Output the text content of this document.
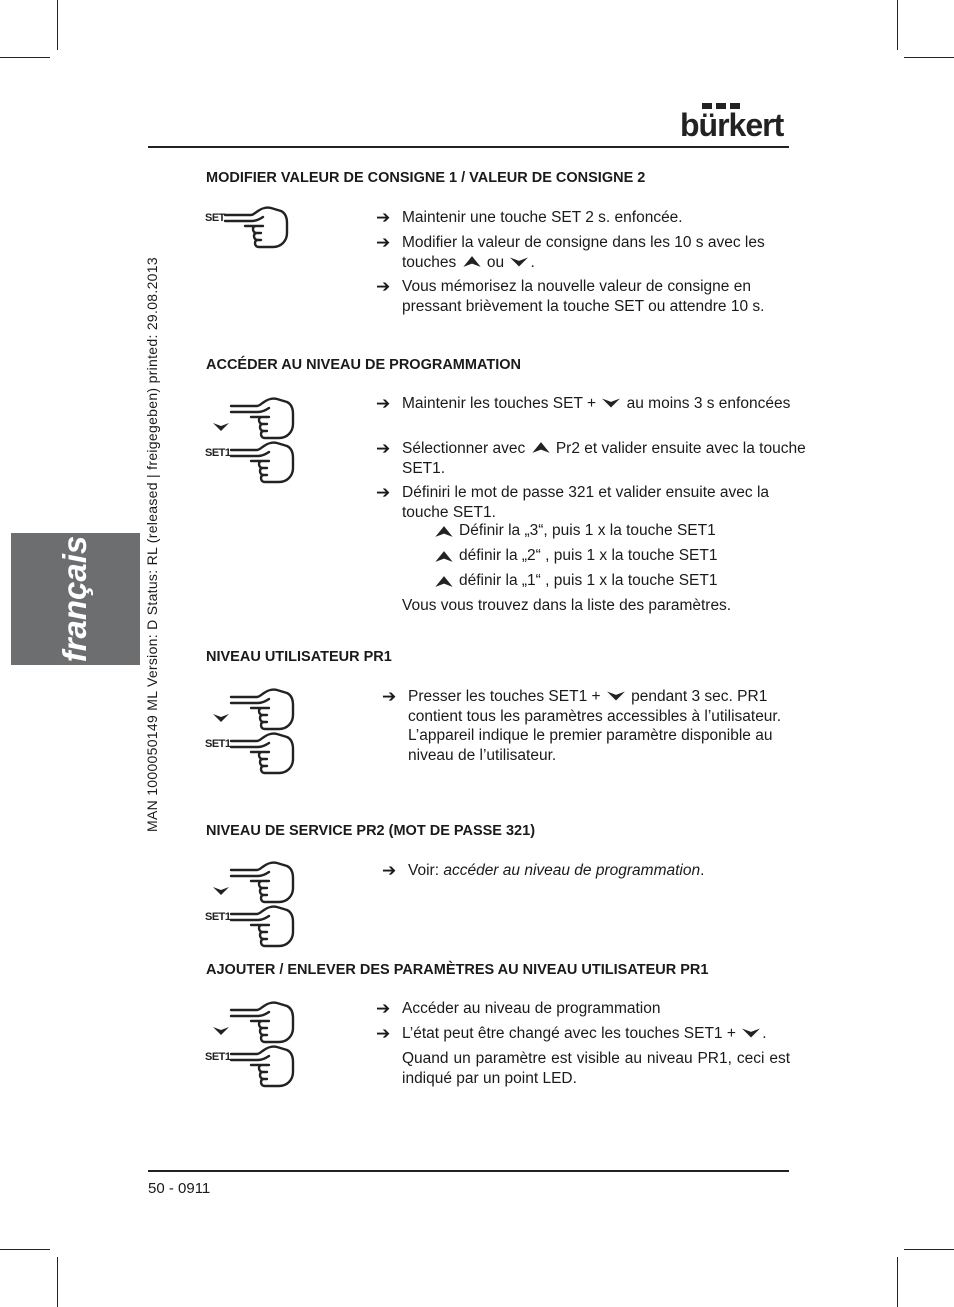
bürkert
français	MAN 1000050149 ML Version: D Status: RL (released | freigegeben) printed: 29.08.2013
MODIFIER VALEUR DE CONSIGNE 1 / VALEUR DE CONSIGNE 2
SET
➔	Maintenir une touche SET 2 s. enfoncée.
➔ Modifier la valeur de consigne dans les 10 s avec les touches ou .
➔ Vous mémorisez la nouvelle valeur de consigne en pressant brièvement la touche SET ou attendre 10 s.
ACCÉDER AU NIVEAU DE PROGRAMMATION
SET1
➔ Maintenir les touches SET + au moins 3 s enfoncées
➔ Sélectionner avec Pr2 et valider ensuite avec la touche SET1.
➔ Définiri le mot de passe 321 et valider ensuite avec la touche SET1.
Définir la „3“, puis 1 x la touche SET1
définir la „2“ , puis 1 x la touche SET1
définir la „1“ , puis 1 x la touche SET1
Vous vous trouvez dans la liste des paramètres.
NIVEAU UTILISATEUR PR1
SET1
➔ Presser les touches SET1 + pendant 3 sec. PR1 contient tous les paramètres accessibles à l’utilisateur. L’appareil indique le premier paramètre disponible au niveau de l’utilisateur.
NIVEAU DE SERVICE PR2 (MOT DE PASSE 321)
SET1
➔ Voir: accéder au niveau de programmation.
AJOUTER / ENLEVER DES PARAMÈTRES AU NIVEAU UTILISATEUR PR1
SET1
➔ Accéder au niveau de programmation
➔ L’état peut être changé avec les touches SET1 + .
Quand un paramètre est visible au niveau PR1, ceci est indiqué par un point LED.
50 - 0911
